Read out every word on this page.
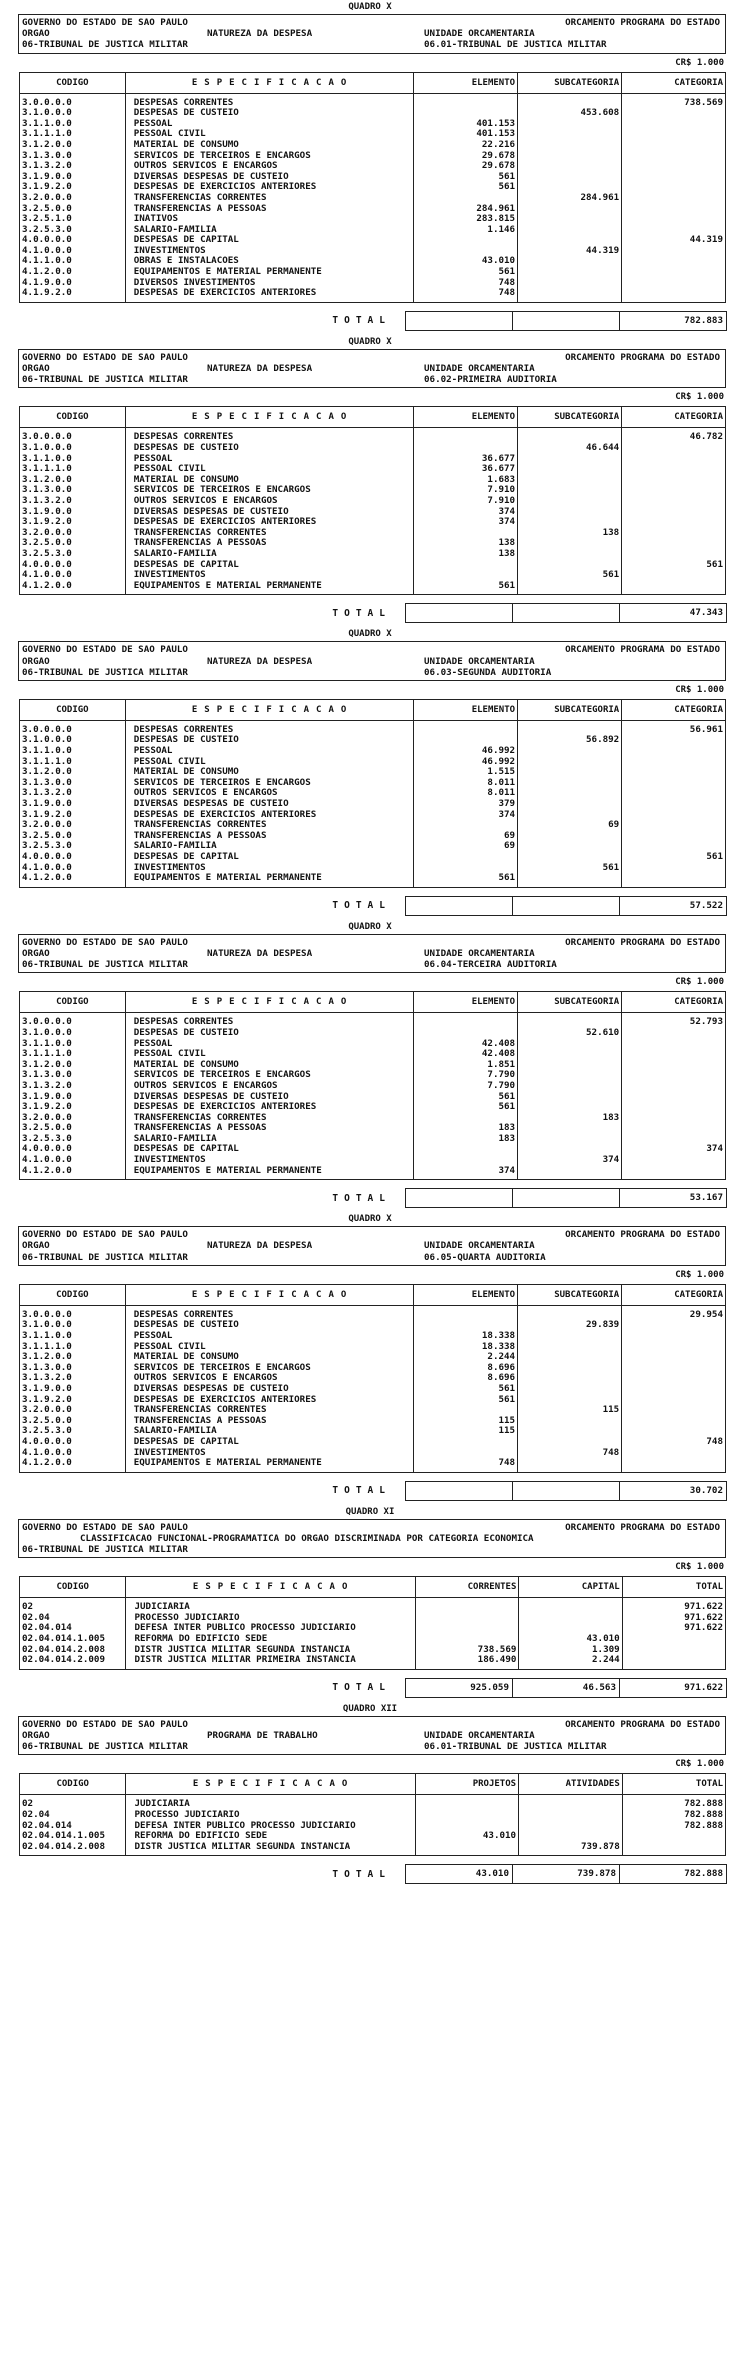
QUADRO X
GOVERNO DO ESTADO DE SAO PAULO	ORCAMENTO PROGRAMA DO ESTADO
ORGAO	NATUREZA DA DESPESA	UNIDADE ORCAMENTARIA
06-TRIBUNAL DE JUSTICA MILITAR	06.01-TRIBUNAL DE JUSTICA MILITAR
CR$ 1.000
CODIGO	ESPECIFICACAO	ELEMENTO	SUBCATEGORIA	CATEGORIA
3.0.0.0.0	DESPESAS CORRENTES			738.569
3.1.0.0.0	DESPESAS DE CUSTEIO		453.608	
3.1.1.0.0	PESSOAL	401.153		
3.1.1.1.0	PESSOAL CIVIL	401.153		
3.1.2.0.0	MATERIAL DE CONSUMO	22.216		
3.1.3.0.0	SERVICOS DE TERCEIROS E ENCARGOS	29.678		
3.1.3.2.0	OUTROS SERVICOS E ENCARGOS	29.678		
3.1.9.0.0	DIVERSAS DESPESAS DE CUSTEIO	561		
3.1.9.2.0	DESPESAS DE EXERCICIOS ANTERIORES	561		
3.2.0.0.0	TRANSFERENCIAS CORRENTES		284.961	
3.2.5.0.0	TRANSFERENCIAS A PESSOAS	284.961		
3.2.5.1.0	INATIVOS	283.815		
3.2.5.3.0	SALARIO-FAMILIA	1.146		
4.0.0.0.0	DESPESAS DE CAPITAL			44.319
4.1.0.0.0	INVESTIMENTOS		44.319	
4.1.1.0.0	OBRAS E INSTALACOES	43.010		
4.1.2.0.0	EQUIPAMENTOS E MATERIAL PERMANENTE	561		
4.1.9.0.0	DIVERSOS INVESTIMENTOS	748		
4.1.9.2.0	DESPESAS DE EXERCICIOS ANTERIORES	748		
TOTAL	782.883
QUADRO X
GOVERNO DO ESTADO DE SAO PAULO	ORCAMENTO PROGRAMA DO ESTADO
ORGAO	NATUREZA DA DESPESA	UNIDADE ORCAMENTARIA
06-TRIBUNAL DE JUSTICA MILITAR	06.02-PRIMEIRA AUDITORIA
CR$ 1.000
CODIGO	ESPECIFICACAO	ELEMENTO	SUBCATEGORIA	CATEGORIA
3.0.0.0.0	DESPESAS CORRENTES			46.782
3.1.0.0.0	DESPESAS DE CUSTEIO		46.644	
3.1.1.0.0	PESSOAL	36.677		
3.1.1.1.0	PESSOAL CIVIL	36.677		
3.1.2.0.0	MATERIAL DE CONSUMO	1.683		
3.1.3.0.0	SERVICOS DE TERCEIROS E ENCARGOS	7.910		
3.1.3.2.0	OUTROS SERVICOS E ENCARGOS	7.910		
3.1.9.0.0	DIVERSAS DESPESAS DE CUSTEIO	374		
3.1.9.2.0	DESPESAS DE EXERCICIOS ANTERIORES	374		
3.2.0.0.0	TRANSFERENCIAS CORRENTES		138	
3.2.5.0.0	TRANSFERENCIAS A PESSOAS	138		
3.2.5.3.0	SALARIO-FAMILIA	138		
4.0.0.0.0	DESPESAS DE CAPITAL			561
4.1.0.0.0	INVESTIMENTOS		561	
4.1.2.0.0	EQUIPAMENTOS E MATERIAL PERMANENTE	561		
TOTAL	47.343
QUADRO X
GOVERNO DO ESTADO DE SAO PAULO	ORCAMENTO PROGRAMA DO ESTADO
ORGAO	NATUREZA DA DESPESA	UNIDADE ORCAMENTARIA
06-TRIBUNAL DE JUSTICA MILITAR	06.03-SEGUNDA AUDITORIA
CR$ 1.000
CODIGO	ESPECIFICACAO	ELEMENTO	SUBCATEGORIA	CATEGORIA
3.0.0.0.0	DESPESAS CORRENTES			56.961
3.1.0.0.0	DESPESAS DE CUSTEIO		56.892	
3.1.1.0.0	PESSOAL	46.992		
3.1.1.1.0	PESSOAL CIVIL	46.992		
3.1.2.0.0	MATERIAL DE CONSUMO	1.515		
3.1.3.0.0	SERVICOS DE TERCEIROS E ENCARGOS	8.011		
3.1.3.2.0	OUTROS SERVICOS E ENCARGOS	8.011		
3.1.9.0.0	DIVERSAS DESPESAS DE CUSTEIO	379		
3.1.9.2.0	DESPESAS DE EXERCICIOS ANTERIORES	374		
3.2.0.0.0	TRANSFERENCIAS CORRENTES		69	
3.2.5.0.0	TRANSFERENCIAS A PESSOAS	69		
3.2.5.3.0	SALARIO-FAMILIA	69		
4.0.0.0.0	DESPESAS DE CAPITAL			561
4.1.0.0.0	INVESTIMENTOS		561	
4.1.2.0.0	EQUIPAMENTOS E MATERIAL PERMANENTE	561		
TOTAL	57.522
QUADRO X
GOVERNO DO ESTADO DE SAO PAULO	ORCAMENTO PROGRAMA DO ESTADO
ORGAO	NATUREZA DA DESPESA	UNIDADE ORCAMENTARIA
06-TRIBUNAL DE JUSTICA MILITAR	06.04-TERCEIRA AUDITORIA
CR$ 1.000
CODIGO	ESPECIFICACAO	ELEMENTO	SUBCATEGORIA	CATEGORIA
3.0.0.0.0	DESPESAS CORRENTES			52.793
3.1.0.0.0	DESPESAS DE CUSTEIO		52.610	
3.1.1.0.0	PESSOAL	42.408		
3.1.1.1.0	PESSOAL CIVIL	42.408		
3.1.2.0.0	MATERIAL DE CONSUMO	1.851		
3.1.3.0.0	SERVICOS DE TERCEIROS E ENCARGOS	7.790		
3.1.3.2.0	OUTROS SERVICOS E ENCARGOS	7.790		
3.1.9.0.0	DIVERSAS DESPESAS DE CUSTEIO	561		
3.1.9.2.0	DESPESAS DE EXERCICIOS ANTERIORES	561		
3.2.0.0.0	TRANSFERENCIAS CORRENTES		183	
3.2.5.0.0	TRANSFERENCIAS A PESSOAS	183		
3.2.5.3.0	SALARIO-FAMILIA	183		
4.0.0.0.0	DESPESAS DE CAPITAL			374
4.1.0.0.0	INVESTIMENTOS		374	
4.1.2.0.0	EQUIPAMENTOS E MATERIAL PERMANENTE	374		
TOTAL	53.167
QUADRO X
GOVERNO DO ESTADO DE SAO PAULO	ORCAMENTO PROGRAMA DO ESTADO
ORGAO	NATUREZA DA DESPESA	UNIDADE ORCAMENTARIA
06-TRIBUNAL DE JUSTICA MILITAR	06.05-QUARTA AUDITORIA
CR$ 1.000
CODIGO	ESPECIFICACAO	ELEMENTO	SUBCATEGORIA	CATEGORIA
3.0.0.0.0	DESPESAS CORRENTES			29.954
3.1.0.0.0	DESPESAS DE CUSTEIO		29.839	
3.1.1.0.0	PESSOAL	18.338		
3.1.1.1.0	PESSOAL CIVIL	18.338		
3.1.2.0.0	MATERIAL DE CONSUMO	2.244		
3.1.3.0.0	SERVICOS DE TERCEIROS E ENCARGOS	8.696		
3.1.3.2.0	OUTROS SERVICOS E ENCARGOS	8.696		
3.1.9.0.0	DIVERSAS DESPESAS DE CUSTEIO	561		
3.1.9.2.0	DESPESAS DE EXERCICIOS ANTERIORES	561		
3.2.0.0.0	TRANSFERENCIAS CORRENTES		115	
3.2.5.0.0	TRANSFERENCIAS A PESSOAS	115		
3.2.5.3.0	SALARIO-FAMILIA	115		
4.0.0.0.0	DESPESAS DE CAPITAL			748
4.1.0.0.0	INVESTIMENTOS		748	
4.1.2.0.0	EQUIPAMENTOS E MATERIAL PERMANENTE	748		
TOTAL	30.702
QUADRO XI
GOVERNO DO ESTADO DE SAO PAULO	ORCAMENTO PROGRAMA DO ESTADO
CLASSIFICACAO FUNCIONAL-PROGRAMATICA DO ORGAO DISCRIMINADA POR CATEGORIA ECONOMICA
06-TRIBUNAL DE JUSTICA MILITAR
CR$ 1.000
CODIGO	ESPECIFICACAO	CORRENTES	CAPITAL	TOTAL
02	JUDICIARIA			971.622
02.04	PROCESSO JUDICIARIO			971.622
02.04.014	DEFESA INTER PUBLICO PROCESSO JUDICIARIO			971.622
02.04.014.1.005	REFORMA DO EDIFICIO SEDE		43.010	
02.04.014.2.008	DISTR JUSTICA MILITAR SEGUNDA INSTANCIA	738.569	1.309	
02.04.014.2.009	DISTR JUSTICA MILITAR PRIMEIRA INSTANCIA	186.490	2.244	
TOTAL	925.059	46.563	971.622
QUADRO XII
GOVERNO DO ESTADO DE SAO PAULO	ORCAMENTO PROGRAMA DO ESTADO
ORGAO	PROGRAMA DE TRABALHO	UNIDADE ORCAMENTARIA
06-TRIBUNAL DE JUSTICA MILITAR	06.01-TRIBUNAL DE JUSTICA MILITAR
CR$ 1.000
CODIGO	ESPECIFICACAO	PROJETOS	ATIVIDADES	TOTAL
02	JUDICIARIA			782.888
02.04	PROCESSO JUDICIARIO			782.888
02.04.014	DEFESA INTER PUBLICO PROCESSO JUDICIARIO			782.888
02.04.014.1.005	REFORMA DO EDIFICIO SEDE	43.010		
02.04.014.2.008	DISTR JUSTICA MILITAR SEGUNDA INSTANCIA		739.878	
TOTAL	43.010	739.878	782.888
